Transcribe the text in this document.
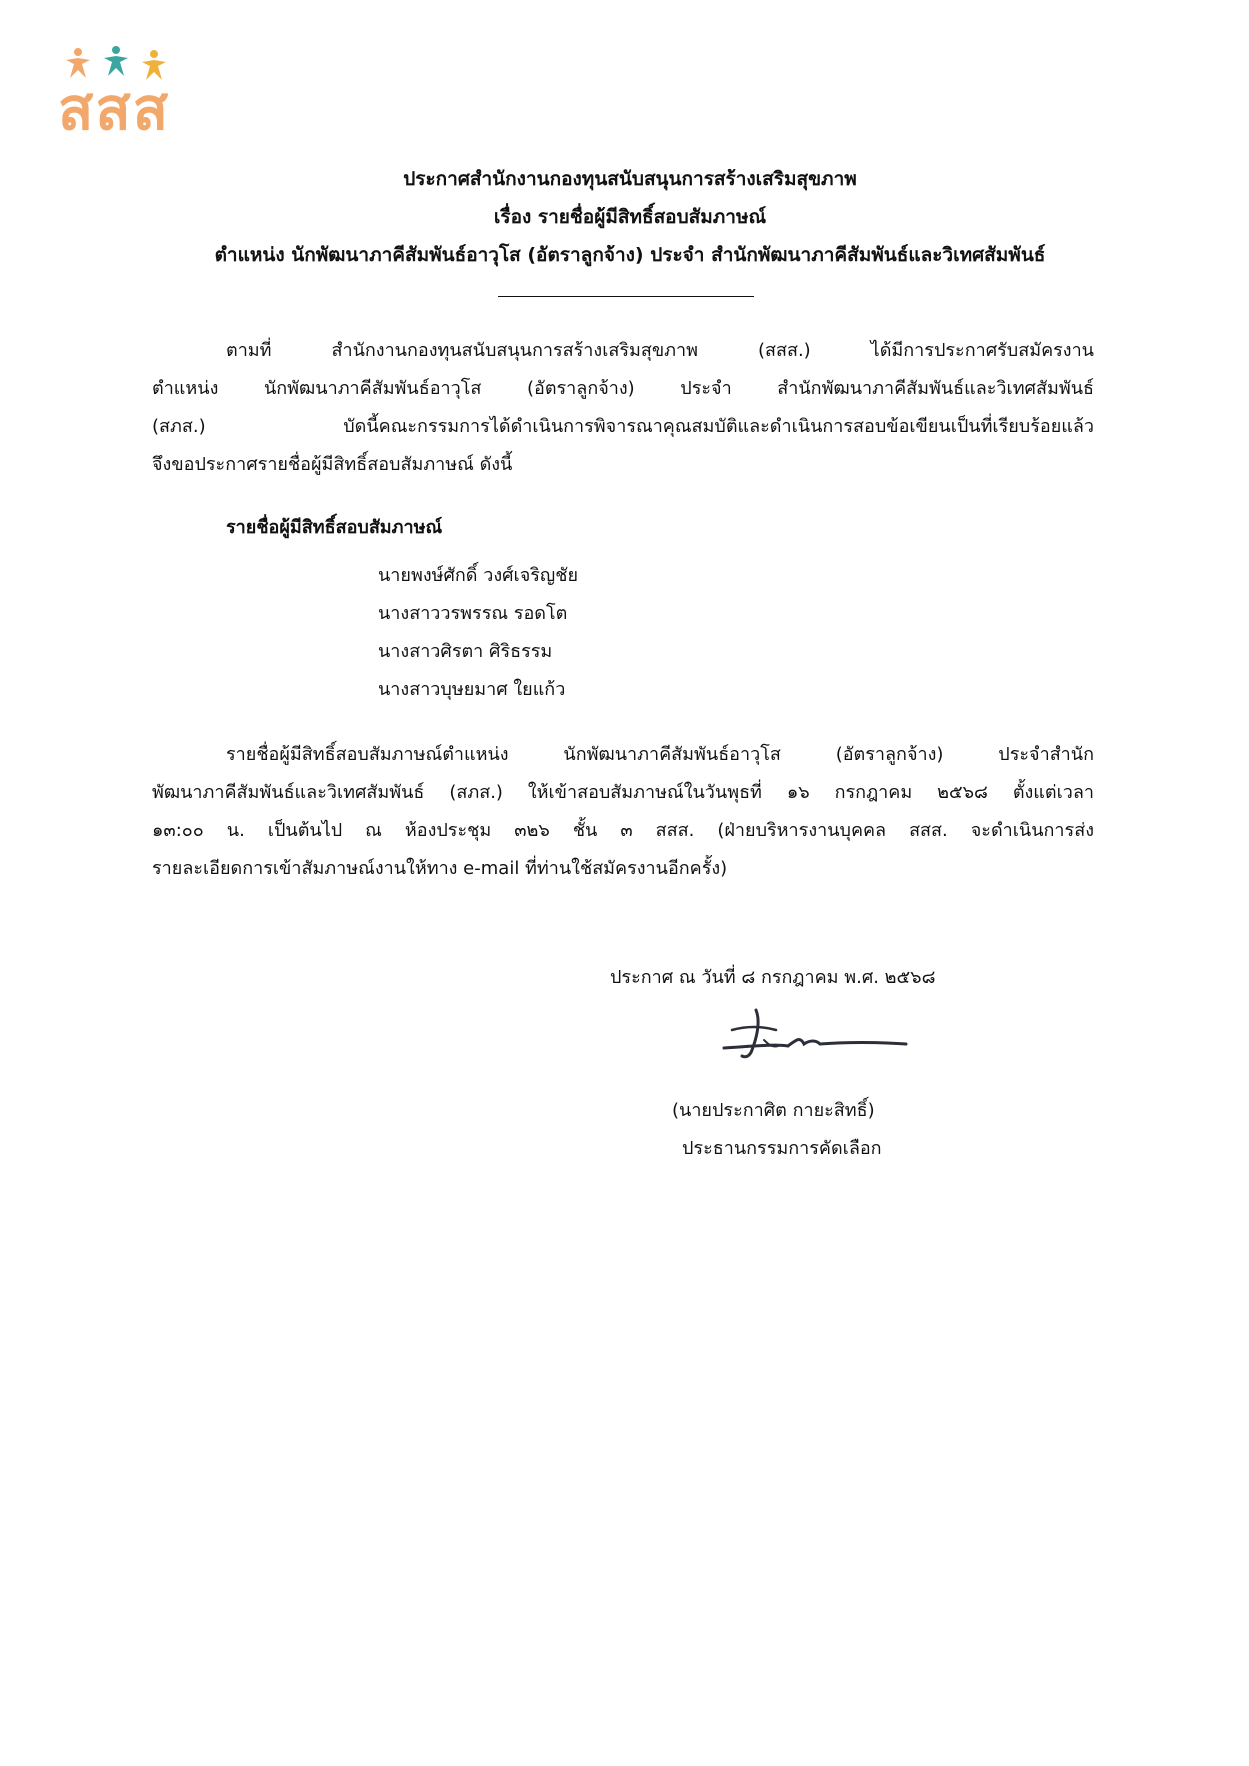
สสส
ประกาศสำนักงานกองทุนสนับสนุนการสร้างเสริมสุขภาพ
เรื่อง รายชื่อผู้มีสิทธิ์สอบสัมภาษณ์
ตำแหน่ง นักพัฒนาภาคีสัมพันธ์อาวุโส (อัตราลูกจ้าง) ประจำ สำนักพัฒนาภาคีสัมพันธ์และวิเทศสัมพันธ์
ตามที่ สำนักงานกองทุนสนับสนุนการสร้างเสริมสุขภาพ (สสส.) ได้มีการประกาศรับสมัครงาน
ตำแหน่ง นักพัฒนาภาคีสัมพันธ์อาวุโส (อัตราลูกจ้าง) ประจำ สำนักพัฒนาภาคีสัมพันธ์และวิเทศสัมพันธ์
(สภส.) บัดนี้คณะกรรมการได้ดำเนินการพิจารณาคุณสมบัติและดำเนินการสอบข้อเขียนเป็นที่เรียบร้อยแล้ว
จึงขอประกาศรายชื่อผู้มีสิทธิ์สอบสัมภาษณ์ ดังนี้
รายชื่อผู้มีสิทธิ์สอบสัมภาษณ์
นายพงษ์ศักดิ์ วงศ์เจริญชัย
นางสาววรพรรณ รอดโต
นางสาวศิรตา ศิริธรรม
นางสาวบุษยมาศ ใยแก้ว
รายชื่อผู้มีสิทธิ์สอบสัมภาษณ์ตำแหน่ง นักพัฒนาภาคีสัมพันธ์อาวุโส (อัตราลูกจ้าง) ประจำสำนัก
พัฒนาภาคีสัมพันธ์และวิเทศสัมพันธ์ (สภส.) ให้เข้าสอบสัมภาษณ์ในวันพุธที่ ๑๖ กรกฎาคม ๒๕๖๘ ตั้งแต่เวลา
๑๓:๐๐ น. เป็นต้นไป ณ ห้องประชุม ๓๒๖ ชั้น ๓ สสส. (ฝ่ายบริหารงานบุคคล สสส. จะดำเนินการส่ง
รายละเอียดการเข้าสัมภาษณ์งานให้ทาง e-mail ที่ท่านใช้สมัครงานอีกครั้ง)
ประกาศ ณ วันที่ ๘ กรกฎาคม พ.ศ. ๒๕๖๘
(นายประกาศิต กายะสิทธิ์)
ประธานกรรมการคัดเลือก
